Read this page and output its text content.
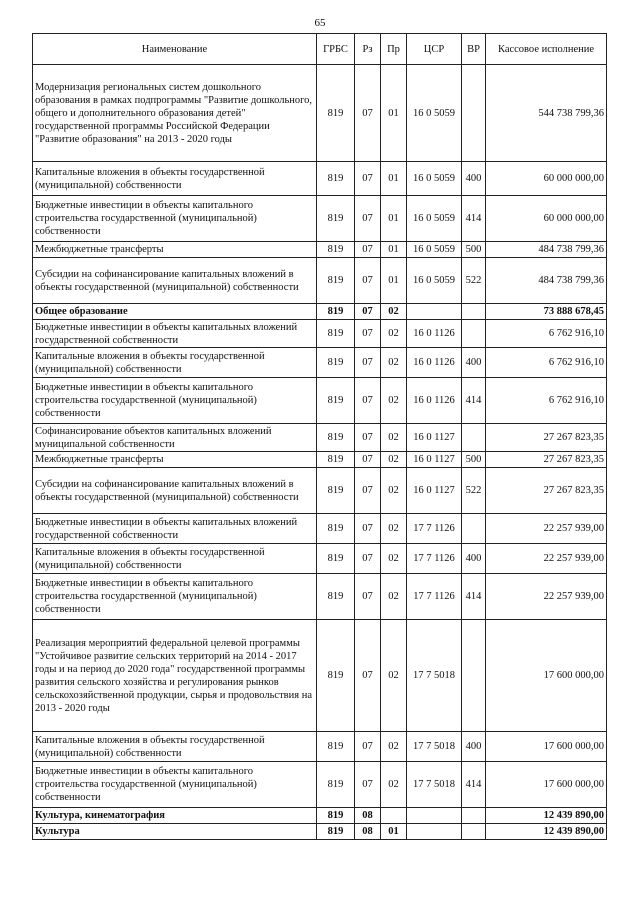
65
Наименование	ГРБС	Рз	Пр	ЦСР	ВР	Кассовое исполнение
Модернизация региональных систем дошкольного образования в рамках подпрограммы "Развитие дошкольного, общего и дополнительного образования детей" государственной программы Российской Федерации "Развитие образования" на 2013 - 2020 годы	819	07	01	16 0 5059		544 738 799,36
Капитальные вложения в объекты государственной (муниципальной) собственности	819	07	01	16 0 5059	400	60 000 000,00
Бюджетные инвестиции в объекты капитального строительства государственной (муниципальной) собственности	819	07	01	16 0 5059	414	60 000 000,00
Межбюджетные трансферты	819	07	01	16 0 5059	500	484 738 799,36
Субсидии на софинансирование капитальных вложений в объекты государственной (муниципальной) собственности	819	07	01	16 0 5059	522	484 738 799,36
Общее образование	819	07	02			73 888 678,45
Бюджетные инвестиции в объекты капитальных вложений государственной собственности	819	07	02	16 0 1126		6 762 916,10
Капитальные вложения в объекты государственной (муниципальной) собственности	819	07	02	16 0 1126	400	6 762 916,10
Бюджетные инвестиции в объекты капитального строительства государственной (муниципальной) собственности	819	07	02	16 0 1126	414	6 762 916,10
Софинансирование объектов капитальных вложений муниципальной собственности	819	07	02	16 0 1127		27 267 823,35
Межбюджетные трансферты	819	07	02	16 0 1127	500	27 267 823,35
Субсидии на софинансирование капитальных вложений в объекты государственной (муниципальной) собственности	819	07	02	16 0 1127	522	27 267 823,35
Бюджетные инвестиции в объекты капитальных вложений государственной собственности	819	07	02	17 7 1126		22 257 939,00
Капитальные вложения в объекты государственной (муниципальной) собственности	819	07	02	17 7 1126	400	22 257 939,00
Бюджетные инвестиции в объекты капитального строительства государственной (муниципальной) собственности	819	07	02	17 7 1126	414	22 257 939,00
Реализация мероприятий федеральной целевой программы "Устойчивое развитие сельских территорий на 2014 - 2017 годы и на период до 2020 года" государственной программы развития сельского хозяйства и регулирования рынков сельскохозяйственной продукции, сырья и продовольствия на 2013 - 2020 годы	819	07	02	17 7 5018		17 600 000,00
Капитальные вложения в объекты государственной (муниципальной) собственности	819	07	02	17 7 5018	400	17 600 000,00
Бюджетные инвестиции в объекты капитального строительства государственной (муниципальной) собственности	819	07	02	17 7 5018	414	17 600 000,00
Культура, кинематография	819	08				12 439 890,00
Культура	819	08	01			12 439 890,00
